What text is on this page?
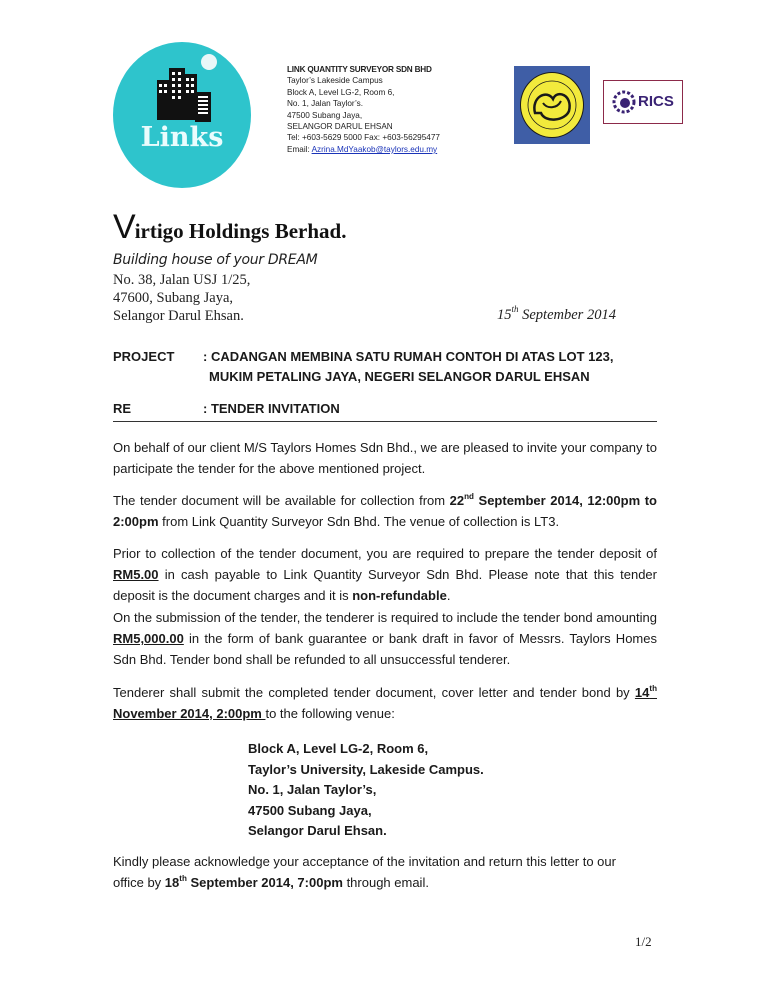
Links
LINK QUANTITY SURVEYOR SDN BHD
Taylor’s Lakeside Campus
Block A, Level LG-2, Room 6,
No. 1, Jalan Taylor’s.
47500 Subang Jaya,
SELANGOR DARUL EHSAN
Tel: +603-5629 5000 Fax: +603-56295477
Email: Azrina.MdYaakob@taylors.edu.my
RICS
Virtigo Holdings Berhad.
Building house of your DREAM
No. 38, Jalan USJ 1/25,
47600, Subang Jaya,
Selangor Darul Ehsan.	15th September 2014
PROJECT : CADANGAN MEMBINA SATU RUMAH CONTOH DI ATAS LOT 123,
MUKIM PETALING JAYA, NEGERI SELANGOR DARUL EHSAN
RE	: TENDER INVITATION
On behalf of our client M/S Taylors Homes Sdn Bhd., we are pleased to invite your company to participate the tender for the above mentioned project.
The tender document will be available for collection from 22nd September 2014, 12:00pm to 2:00pm from Link Quantity Surveyor Sdn Bhd. The venue of collection is LT3.
Prior to collection of the tender document, you are required to prepare the tender deposit of RM5.00 in cash payable to Link Quantity Surveyor Sdn Bhd. Please note that this tender deposit is the document charges and it is non-refundable.
On the submission of the tender, the tenderer is required to include the tender bond amounting RM5,000.00 in the form of bank guarantee or bank draft in favor of Messrs. Taylors Homes Sdn Bhd. Tender bond shall be refunded to all unsuccessful tenderer.
Tenderer shall submit the completed tender document, cover letter and tender bond by 14th November 2014, 2:00pm to the following venue:
Block A, Level LG-2, Room 6,
Taylor’s University, Lakeside Campus.
No. 1, Jalan Taylor’s,
47500 Subang Jaya,
Selangor Darul Ehsan.
Kindly please acknowledge your acceptance of the invitation and return this letter to our office by 18th September 2014, 7:00pm through email.
1/2
